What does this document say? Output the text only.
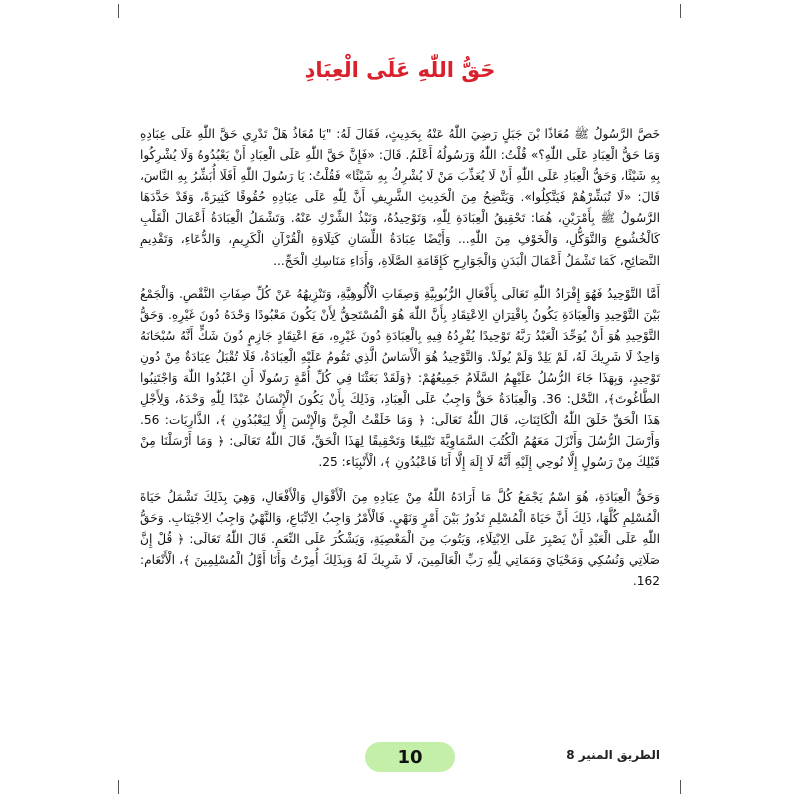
حَقُّ اللّٰهِ عَلَى الْعِبَادِ

خَصَّ الرَّسُولُ ﷺ مُعَاذًا بْنَ جَبَلٍ رَضِيَ اللّٰهُ عَنْهُ بِحَدِيثٍ، فَقَالَ لَهُ: "يَا مُعَاذُ هَلْ تَدْرِي حَقَّ اللّٰهِ عَلَى عِبَادِهِ وَمَا حَقُّ الْعِبَادِ عَلَى اللّٰهِ؟» قُلْتُ: اللّٰهُ وَرَسُولُهُ أَعْلَمُ. قَالَ: «فَإِنَّ حَقَّ اللّٰهِ عَلَى الْعِبَادِ أَنْ يَعْبُدُوهُ وَلَا يُشْرِكُوا بِهِ شَيْئًا، وَحَقُّ الْعِبَادِ عَلَى اللّٰهِ أَنْ لَا يُعَذِّبَ مَنْ لَا يُشْرِكُ بِهِ شَيْئًا» فَقُلْتُ: يَا رَسُولَ اللّٰهِ أَفَلَا أُبَشِّرُ بِهِ النَّاسَ، قَالَ: «لَا تُبَشِّرْهُمْ فَيَتَّكِلُوا». وَيَتَّضِحُ مِنَ الْحَدِيثِ الشَّرِيفِ أَنَّ لِلّٰهِ عَلَى عِبَادِهِ حُقُوقًا كَثِيرَةً، وَقَدْ حَدَّدَهَا الرَّسُولُ ﷺ بِأَمْرَيْنِ، هُمَا: تَحْقِيقُ الْعِبَادَةِ لِلّٰهِ، وَتَوْحِيدُهُ، وَنَبْذُ الشِّرْكِ عَنْهُ. وَتَشْمَلُ الْعِبَادَةُ أَعْمَالَ الْقَلْبِ كَالْخُشُوعِ وَالتَّوَكُّلِ، وَالْخَوْفِ مِنَ اللّٰهِ... وَأَيْضًا عِبَادَةُ اللِّسَانِ كَتِلَاوَةِ الْقُرْآنِ الْكَرِيمِ، وَالدُّعَاءِ، وَتَقْدِيمِ النَّصَائِحِ، كَمَا تَشْمَلُ أَعْمَالَ الْبَدَنِ وَالْجَوَارِحِ كَإِقَامَةِ الصَّلَاةِ، وَأَدَاءِ مَنَاسِكِ الْحَجِّ...

أَمَّا التَّوْحِيدُ فَهُوَ إِفْرَادُ اللّٰهِ تَعَالَى بِأَفْعَالِ الرُّبُوبِيَّةِ وَصِفَاتِ الْأُلُوهِيَّةِ، وَتَنْزِيهُهُ عَنْ كُلِّ صِفَاتِ النَّقْصِ. وَالْجَمْعُ بَيْنَ التَّوْحِيدِ وَالْعِبَادَةِ يَكُونُ بِاقْتِرَانِ الِاعْتِقَادِ بِأَنَّ اللّٰهَ هُوَ الْمُسْتَحِقُّ لِأَنْ يَكُونَ مَعْبُودًا وَحْدَهُ دُونَ غَيْرِهِ. وَحَقُّ التَّوْحِيدِ هُوَ أَنْ يُوَحِّدَ الْعَبْدُ رَبَّهُ تَوْحِيدًا يُفْرِدُهُ فِيهِ بِالْعِبَادَةِ دُونَ غَيْرِهِ، مَعَ اعْتِقَادٍ جَازِمٍ دُونَ شَكٍّ أَنَّهُ سُبْحَانَهُ وَاحِدٌ لَا شَرِيكَ لَهُ، لَمْ يَلِدْ وَلَمْ يُولَدْ. وَالتَّوْحِيدُ هُوَ الْأَسَاسُ الَّذِي تَقُومُ عَلَيْهِ الْعِبَادَةُ، فَلَا تُقْبَلُ عِبَادَةٌ مِنْ دُونِ تَوْحِيدٍ، وَبِهَذَا جَاءَ الرُّسُلُ عَلَيْهِمُ السَّلَامُ جَمِيعُهُمْ: ﴿وَلَقَدْ بَعَثْنَا فِي كُلِّ أُمَّةٍ رَسُولًا أَنِ اعْبُدُوا اللّٰهَ وَاجْتَنِبُوا الطَّاغُوتَ﴾، النَّحْل: 36. وَالْعِبَادَةُ حَقٌّ وَاجِبٌ عَلَى الْعِبَادِ، وَذَلِكَ بِأَنْ يَكُونَ الْإِنْسَانُ عَبْدًا لِلّٰهِ وَحْدَهُ، وَلِأَجْلِ هَذَا الْحَقِّ خَلَقَ اللّٰهُ الْكَائِنَاتِ، قَالَ اللّٰهُ تَعَالَى: ﴿ وَمَا خَلَقْتُ الْجِنَّ وَالْإِنْسَ إِلَّا لِيَعْبُدُونِ ﴾، الذَّارِيَات: 56. وَأَرْسَلَ الرُّسُلَ وَأَنْزَلَ مَعَهُمُ الْكُتُبَ السَّمَاوِيَّةَ تَبْلِيغًا وَتَحْقِيقًا لِهَذَا الْحَقِّ، قَالَ اللّٰهُ تَعَالَى: ﴿ وَمَا أَرْسَلْنَا مِنْ قَبْلِكَ مِنْ رَسُولٍ إِلَّا نُوحِي إِلَيْهِ أَنَّهُ لَا إِلَهَ إِلَّا أَنَا فَاعْبُدُونِ ﴾، الْأَنْبِيَاء: 25.

وَحَقُّ الْعِبَادَةِ، هُوَ اسْمٌ يَجْمَعُ كُلَّ مَا أَرَادَهُ اللّٰهُ مِنْ عِبَادِهِ مِنَ الْأَقْوَالِ وَالْأَفْعَالِ، وَهِيَ بِذَلِكَ تَشْمَلُ حَيَاةَ الْمُسْلِمِ كُلَّهَا، ذَلِكَ أَنَّ حَيَاةَ الْمُسْلِمِ تَدُورُ بَيْنَ أَمْرٍ وَنَهْيٍ. فَالْأَمْرُ وَاجِبُ الِاتِّبَاعِ، وَالنَّهْيُ وَاجِبُ الِاجْتِنَابِ. وَحَقُّ اللّٰهِ عَلَى الْعَبْدِ أَنْ يَصْبِرَ عَلَى الِابْتِلَاءِ، وَيَتُوبَ مِنَ الْمَعْصِيَةِ، وَيَشْكُرَ عَلَى النِّعَمِ. قَالَ اللّٰهُ تَعَالَى: ﴿ قُلْ إِنَّ صَلَاتِي وَنُسُكِي وَمَحْيَايَ وَمَمَاتِي لِلّٰهِ رَبِّ الْعَالَمِينَ، لَا شَرِيكَ لَهُ وَبِذَلِكَ أُمِرْتُ وَأَنَا أَوَّلُ الْمُسْلِمِينَ ﴾، الْأَنْعَام: 162.

10	الطريق المنير 8
